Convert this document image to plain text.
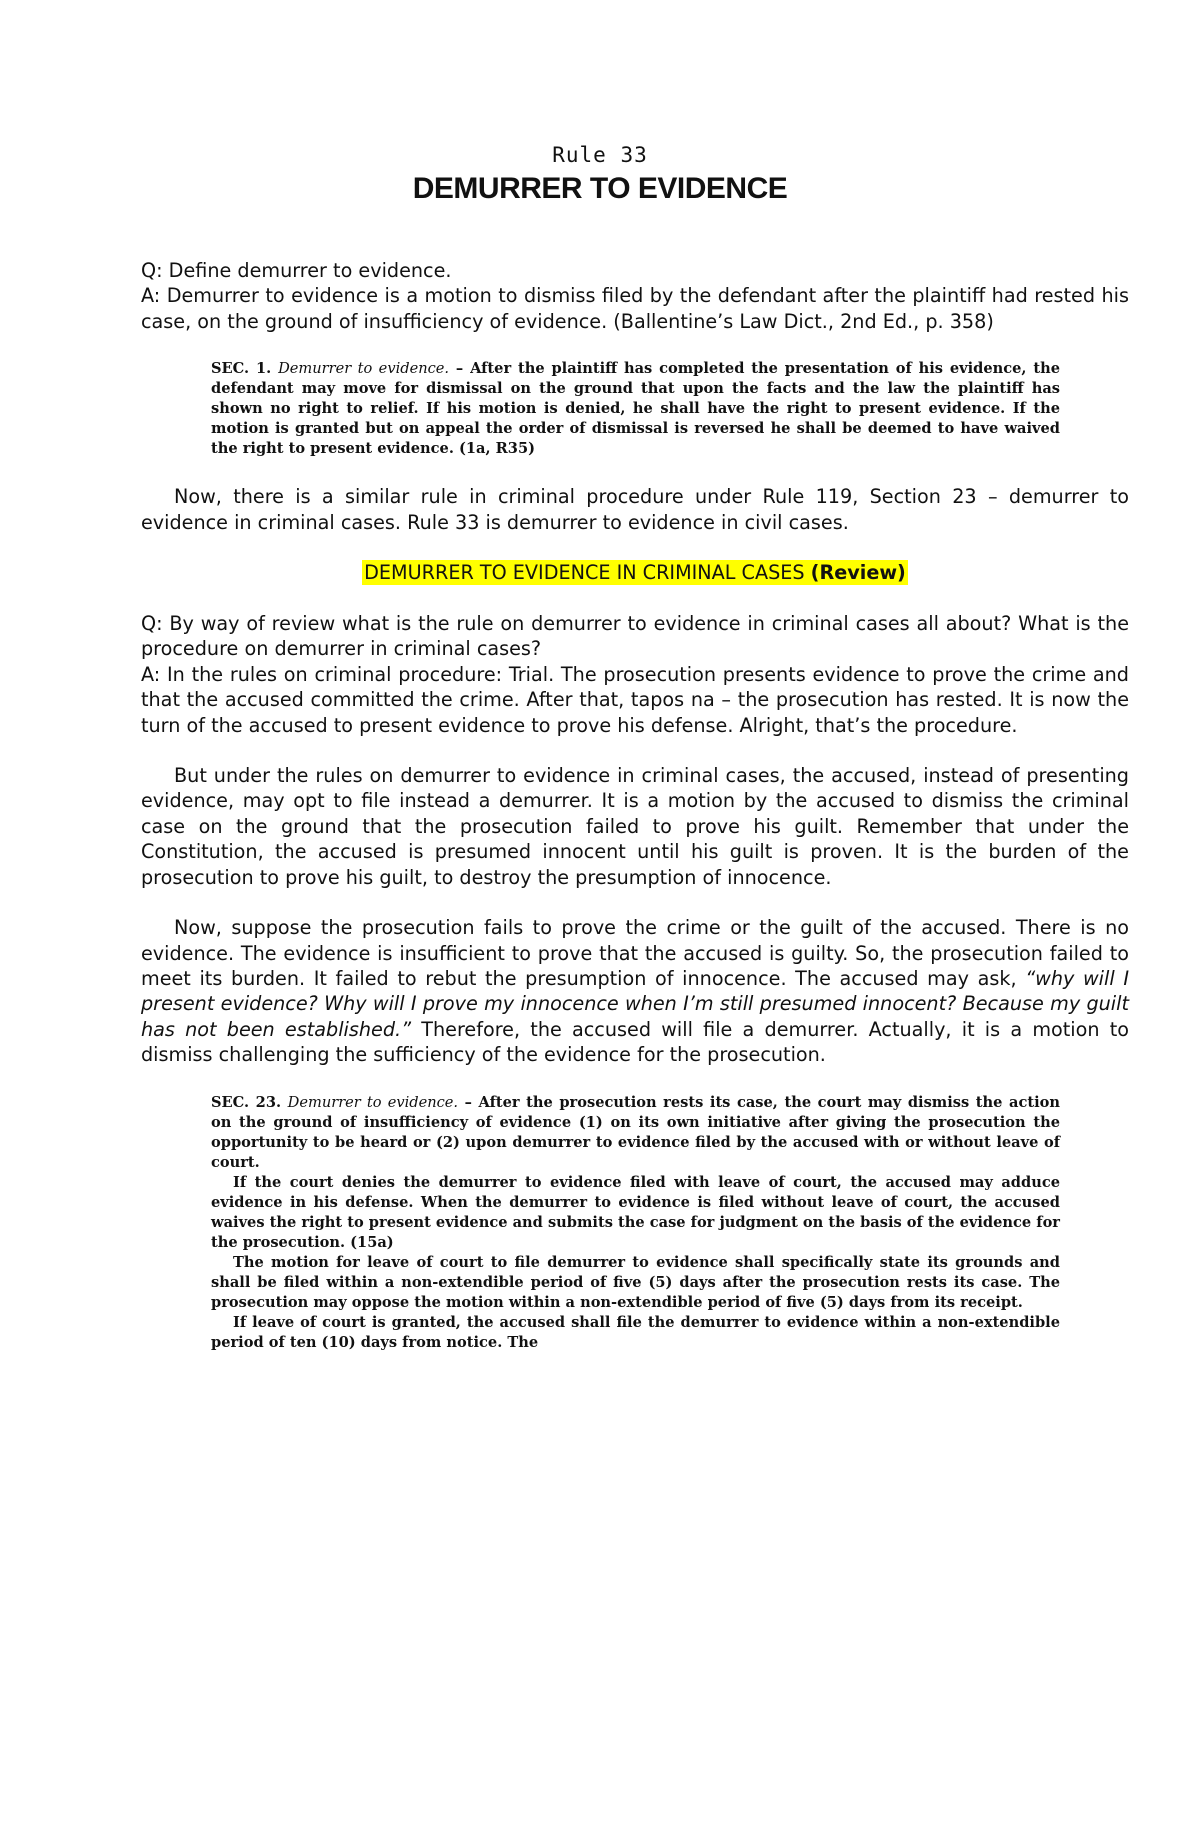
Rule 33
DEMURRER TO EVIDENCE

Q: Define demurrer to evidence.

A: Demurrer to evidence is a motion to dismiss filed by the defendant after the plaintiff had rested his case, on the ground of insufficiency of evidence. (Ballentine’s Law Dict., 2nd Ed., p. 358)

SEC. 1. Demurrer to evidence. – After the plaintiff has completed the presentation of his evidence, the defendant may move for dismissal on the ground that upon the facts and the law the plaintiff has shown no right to relief. If his motion is denied, he shall have the right to present evidence. If the motion is granted but on appeal the order of dismissal is reversed he shall be deemed to have waived the right to present evidence. (1a, R35)

Now, there is a similar rule in criminal procedure under Rule 119, Section 23 – demurrer to evidence in criminal cases. Rule 33 is demurrer to evidence in civil cases.

DEMURRER TO EVIDENCE IN CRIMINAL CASES (Review)

Q: By way of review what is the rule on demurrer to evidence in criminal cases all about? What is the procedure on demurrer in criminal cases?

A: In the rules on criminal procedure: Trial. The prosecution presents evidence to prove the crime and that the accused committed the crime. After that, tapos na – the prosecution has rested. It is now the turn of the accused to present evidence to prove his defense. Alright, that’s the procedure.

But under the rules on demurrer to evidence in criminal cases, the accused, instead of presenting evidence, may opt to file instead a demurrer. It is a motion by the accused to dismiss the criminal case on the ground that the prosecution failed to prove his guilt. Remember that under the Constitution, the accused is presumed innocent until his guilt is proven. It is the burden of the prosecution to prove his guilt, to destroy the presumption of innocence.

Now, suppose the prosecution fails to prove the crime or the guilt of the accused. There is no evidence. The evidence is insufficient to prove that the accused is guilty. So, the prosecution failed to meet its burden. It failed to rebut the presumption of innocence. The accused may ask, “why will I present evidence? Why will I prove my innocence when I’m still presumed innocent? Because my guilt has not been established.” Therefore, the accused will file a demurrer. Actually, it is a motion to dismiss challenging the sufficiency of the evidence for the prosecution.

SEC. 23. Demurrer to evidence. – After the prosecution rests its case, the court may dismiss the action on the ground of insufficiency of evidence (1) on its own initiative after giving the prosecution the opportunity to be heard or (2) upon demurrer to evidence filed by the accused with or without leave of court.

If the court denies the demurrer to evidence filed with leave of court, the accused may adduce evidence in his defense. When the demurrer to evidence is filed without leave of court, the accused waives the right to present evidence and submits the case for judgment on the basis of the evidence for the prosecution. (15a)

The motion for leave of court to file demurrer to evidence shall specifically state its grounds and shall be filed within a non-extendible period of five (5) days after the prosecution rests its case. The prosecution may oppose the motion within a non-extendible period of five (5) days from its receipt.

If leave of court is granted, the accused shall file the demurrer to evidence within a non-extendible period of ten (10) days from notice. The
